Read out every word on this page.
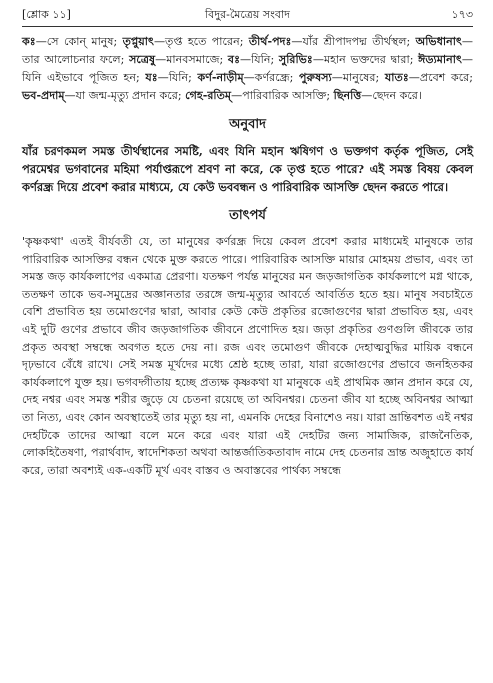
[শ্লোক ১১]	বিদুর-মৈত্রেয় সংবাদ	১৭৩

কঃ—সে কোন্ মানুষ; তৃপ্নুয়াৎ—তৃপ্ত হতে পারেন; তীর্থ-পদঃ—যাঁর শ্রীপাদপদ্ম তীর্থস্থল; অভিধানাৎ—তার আলোচনার ফলে; সত্রেষু—মানবসমাজে; বঃ—যিনি; সুরিভিঃ—মহান ভক্তদের দ্বারা; ঈড্যমানাৎ—যিনি এইভাবে পূজিত হন; যঃ—যিনি; কর্ণ-নাড়ীম্—কর্ণরন্ধ্রে; পুরুষস্য—মানুষের; যাতঃ—প্রবেশ করে; ভব-প্রদাম্—যা জন্ম-মৃত্যু প্রদান করে; গেহ-রতিম্—পারিবারিক আসক্তি; ছিনত্তি—ছেদন করে।

অনুবাদ

যাঁর চরণকমল সমস্ত তীর্থস্থানের সমষ্টি, এবং যিনি মহান ঋষিগণ ও ভক্তগণ কর্তৃক পূজিত, সেই পরমেশ্বর ভগবানের মহিমা পর্যাপ্তরূপে শ্রবণ না করে, কে তৃপ্ত হতে পারে? এই সমস্ত বিষয় কেবল কর্ণরন্ধ্র দিয়ে প্রবেশ করার মাধ্যমে, যে কেউ ভববন্ধন ও পারিবারিক আসক্তি ছেদন করতে পারে।

তাৎপর্য

'কৃষ্ণকথা' এতই বীর্যবতী যে, তা মানুষের কর্ণরন্ধ্র দিয়ে কেবল প্রবেশ করার মাধ্যমেই মানুষকে তার পারিবারিক আসক্তির বন্ধন থেকে মুক্ত করতে পারে। পারিবারিক আসক্তি মায়ার মোহময় প্রভাব, এবং তা সমস্ত জড় কার্যকলাপের একমাত্র প্রেরণা। যতক্ষণ পর্যন্ত মানুষের মন জড়জাগতিক কার্যকলাপে মগ্ন থাকে, ততক্ষণ তাকে ভব-সমুদ্রের অজ্ঞানতার তরঙ্গে জন্ম-মৃত্যুর আবর্তে আবর্তিত হতে হয়। মানুষ সবচাইতে বেশি প্রভাবিত হয় তমোগুণের দ্বারা, আবার কেউ কেউ প্রকৃতির রজোগুণের দ্বারা প্রভাবিত হয়, এবং এই দুটি গুণের প্রভাবে জীব জড়জাগতিক জীবনে প্রণোদিত হয়। জড়া প্রকৃতির গুণগুলি জীবকে তার প্রকৃত অবস্থা সম্বন্ধে অবগত হতে দেয় না। রজ এবং তমোগুণ জীবকে দেহাত্মবুদ্ধির মায়িক বন্ধনে দৃঢ়ভাবে বেঁধে রাখে। সেই সমস্ত মূর্খদের মধ্যে শ্রেষ্ঠ হচ্ছে তারা, যারা রজোগুণের প্রভাবে জনহিতকর কার্যকলাপে যুক্ত হয়। ভগবদ্গীতায় হচ্ছে প্রত্যক্ষ কৃষ্ণকথা যা মানুষকে এই প্রাথমিক জ্ঞান প্রদান করে যে, দেহ নশ্বর এবং সমস্ত শরীর জুড়ে যে চেতনা রয়েছে তা অবিনশ্বর। চেতনা জীব যা হচ্ছে অবিনশ্বর আত্মা তা নিত্য, এবং কোন অবস্থাতেই তার মৃত্যু হয় না, এমনকি দেহের বিনাশেও নয়। যারা ভ্রান্তিবশত এই নশ্বর দেহটিকে তাদের আত্মা বলে মনে করে এবং যারা এই দেহটির জন্য সামাজিক, রাজনৈতিক, লোকহিতৈষণা, পরার্থবাদ, স্বাদেশিকতা অথবা আন্তর্জাতিকতাবাদ নামে দেহ চেতনার ভ্রান্ত অজুহাতে কার্য করে, তারা অবশ্যই এক-একটি মূর্খ এবং বাস্তব ও অবাস্তবের পার্থক্য সম্বন্ধে
